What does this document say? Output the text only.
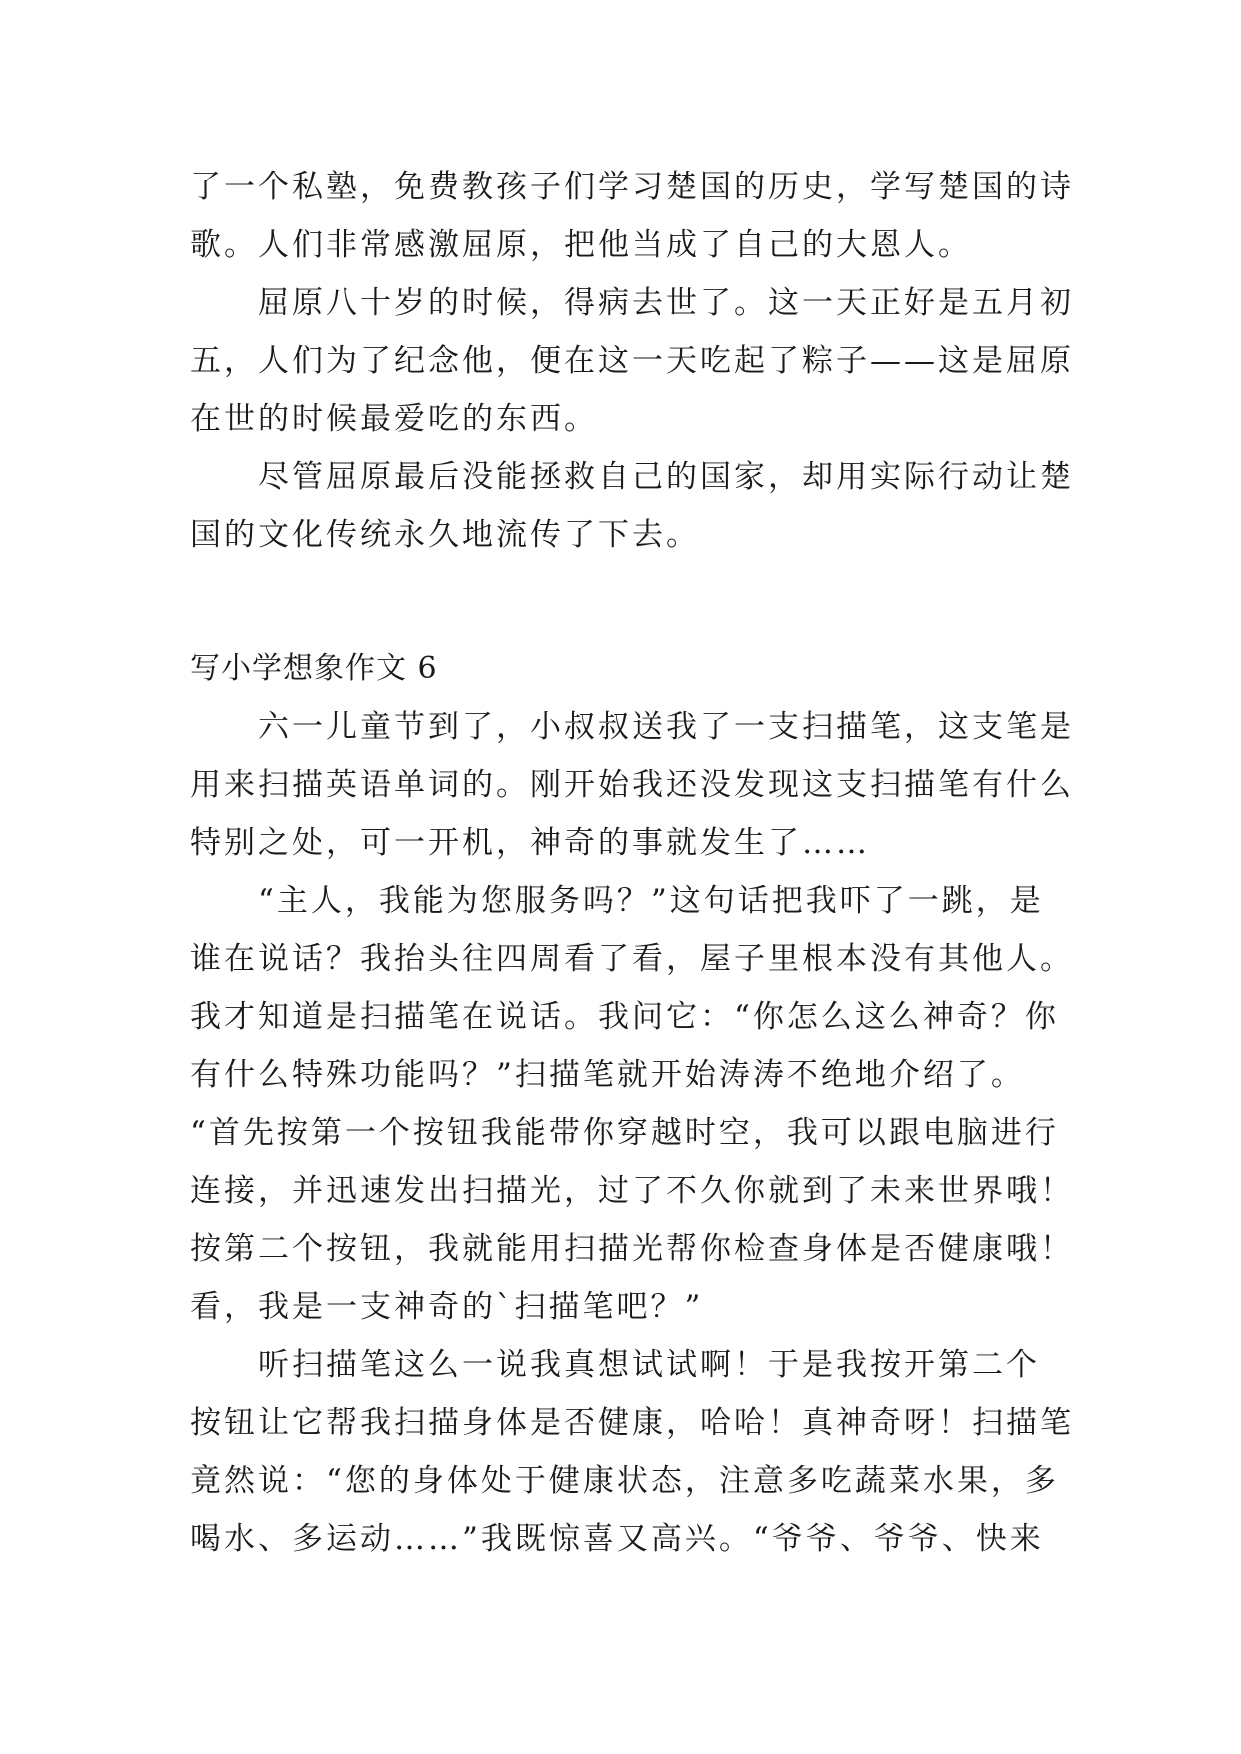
了一个私塾，免费教孩子们学习楚国的历史，学写楚国的诗
歌。人们非常感激屈原，把他当成了自己的大恩人。
屈原八十岁的时候，得病去世了。这一天正好是五月初
五，人们为了纪念他，便在这一天吃起了粽子——这是屈原
在世的时候最爱吃的东西。
尽管屈原最后没能拯救自己的国家，却用实际行动让楚
国的文化传统永久地流传了下去。
写小学想象作文 6
六一儿童节到了，小叔叔送我了一支扫描笔，这支笔是
用来扫描英语单词的。刚开始我还没发现这支扫描笔有什么
特别之处，可一开机，神奇的事就发生了……
“主人，我能为您服务吗？”这句话把我吓了一跳，是
谁在说话？我抬头往四周看了看，屋子里根本没有其他人。
我才知道是扫描笔在说话。我问它：“你怎么这么神奇？你
有什么特殊功能吗？”扫描笔就开始涛涛不绝地介绍了。
“首先按第一个按钮我能带你穿越时空，我可以跟电脑进行
连接，并迅速发出扫描光，过了不久你就到了未来世界哦！
按第二个按钮，我就能用扫描光帮你检查身体是否健康哦！
看，我是一支神奇的`扫描笔吧？”
听扫描笔这么一说我真想试试啊！于是我按开第二个
按钮让它帮我扫描身体是否健康，哈哈！真神奇呀！扫描笔
竟然说：“您的身体处于健康状态，注意多吃蔬菜水果，多
喝水、多运动……”我既惊喜又高兴。“爷爷、爷爷、快来
